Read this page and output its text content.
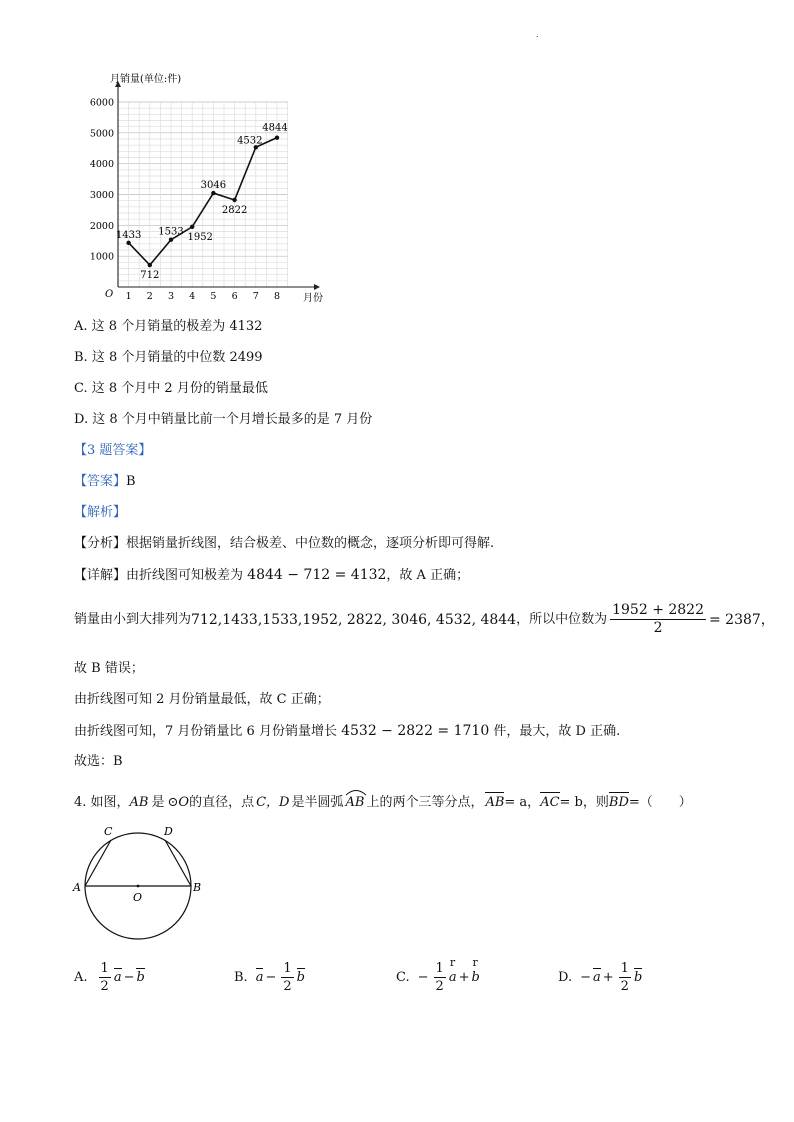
.
月销量(单位:件)
月份
O
1000
2000
3000
4000
5000
6000
1 2 3 4 5 6 7 8
1433
712
1533 1952
3046
2822
4532
4844
A. 这 8 个月销量的极差为 4132
B. 这 8 个月销量的中位数 2499
C. 这 8 个月中 2 月份的销量最低
D. 这 8 个月中销量比前一个月增长最多的是 7 月份
【3 题答案】
【答案】B
【解析】
【分析】根据销量折线图，结合极差、中位数的概念，逐项分析即可得解.
【详解】由折线图可知极差为 4844 − 712 = 4132，故 A 正确；
销量由小到大排列为 712,1433,1533,1952, 2822, 3046, 4532, 4844 ，所以中位数为 $\frac{1952 + 2822}{2} = 2387$，
故 B 错误；
由折线图可知 2 月份销量最低，故 C 正确；
由折线图可知，7 月份销量比 6 月份销量增长 4532 − 2822 = 1710 件，最大，故 D 正确.
故选：B
4. 如图， AB 是 ⊙O 的直径，点 C，D 是半圆弧 AB 上的两个三等分点， AB = a， AC = b，则 BD =（　　）
A	B
C	D
O
A. $\frac{1}{2}$ a − b	B. $a - \frac{1}{2}$ b	C. − $\frac{1}{2}$ r
a +
r
b	D. − $a + \frac{1}{2}$ b
